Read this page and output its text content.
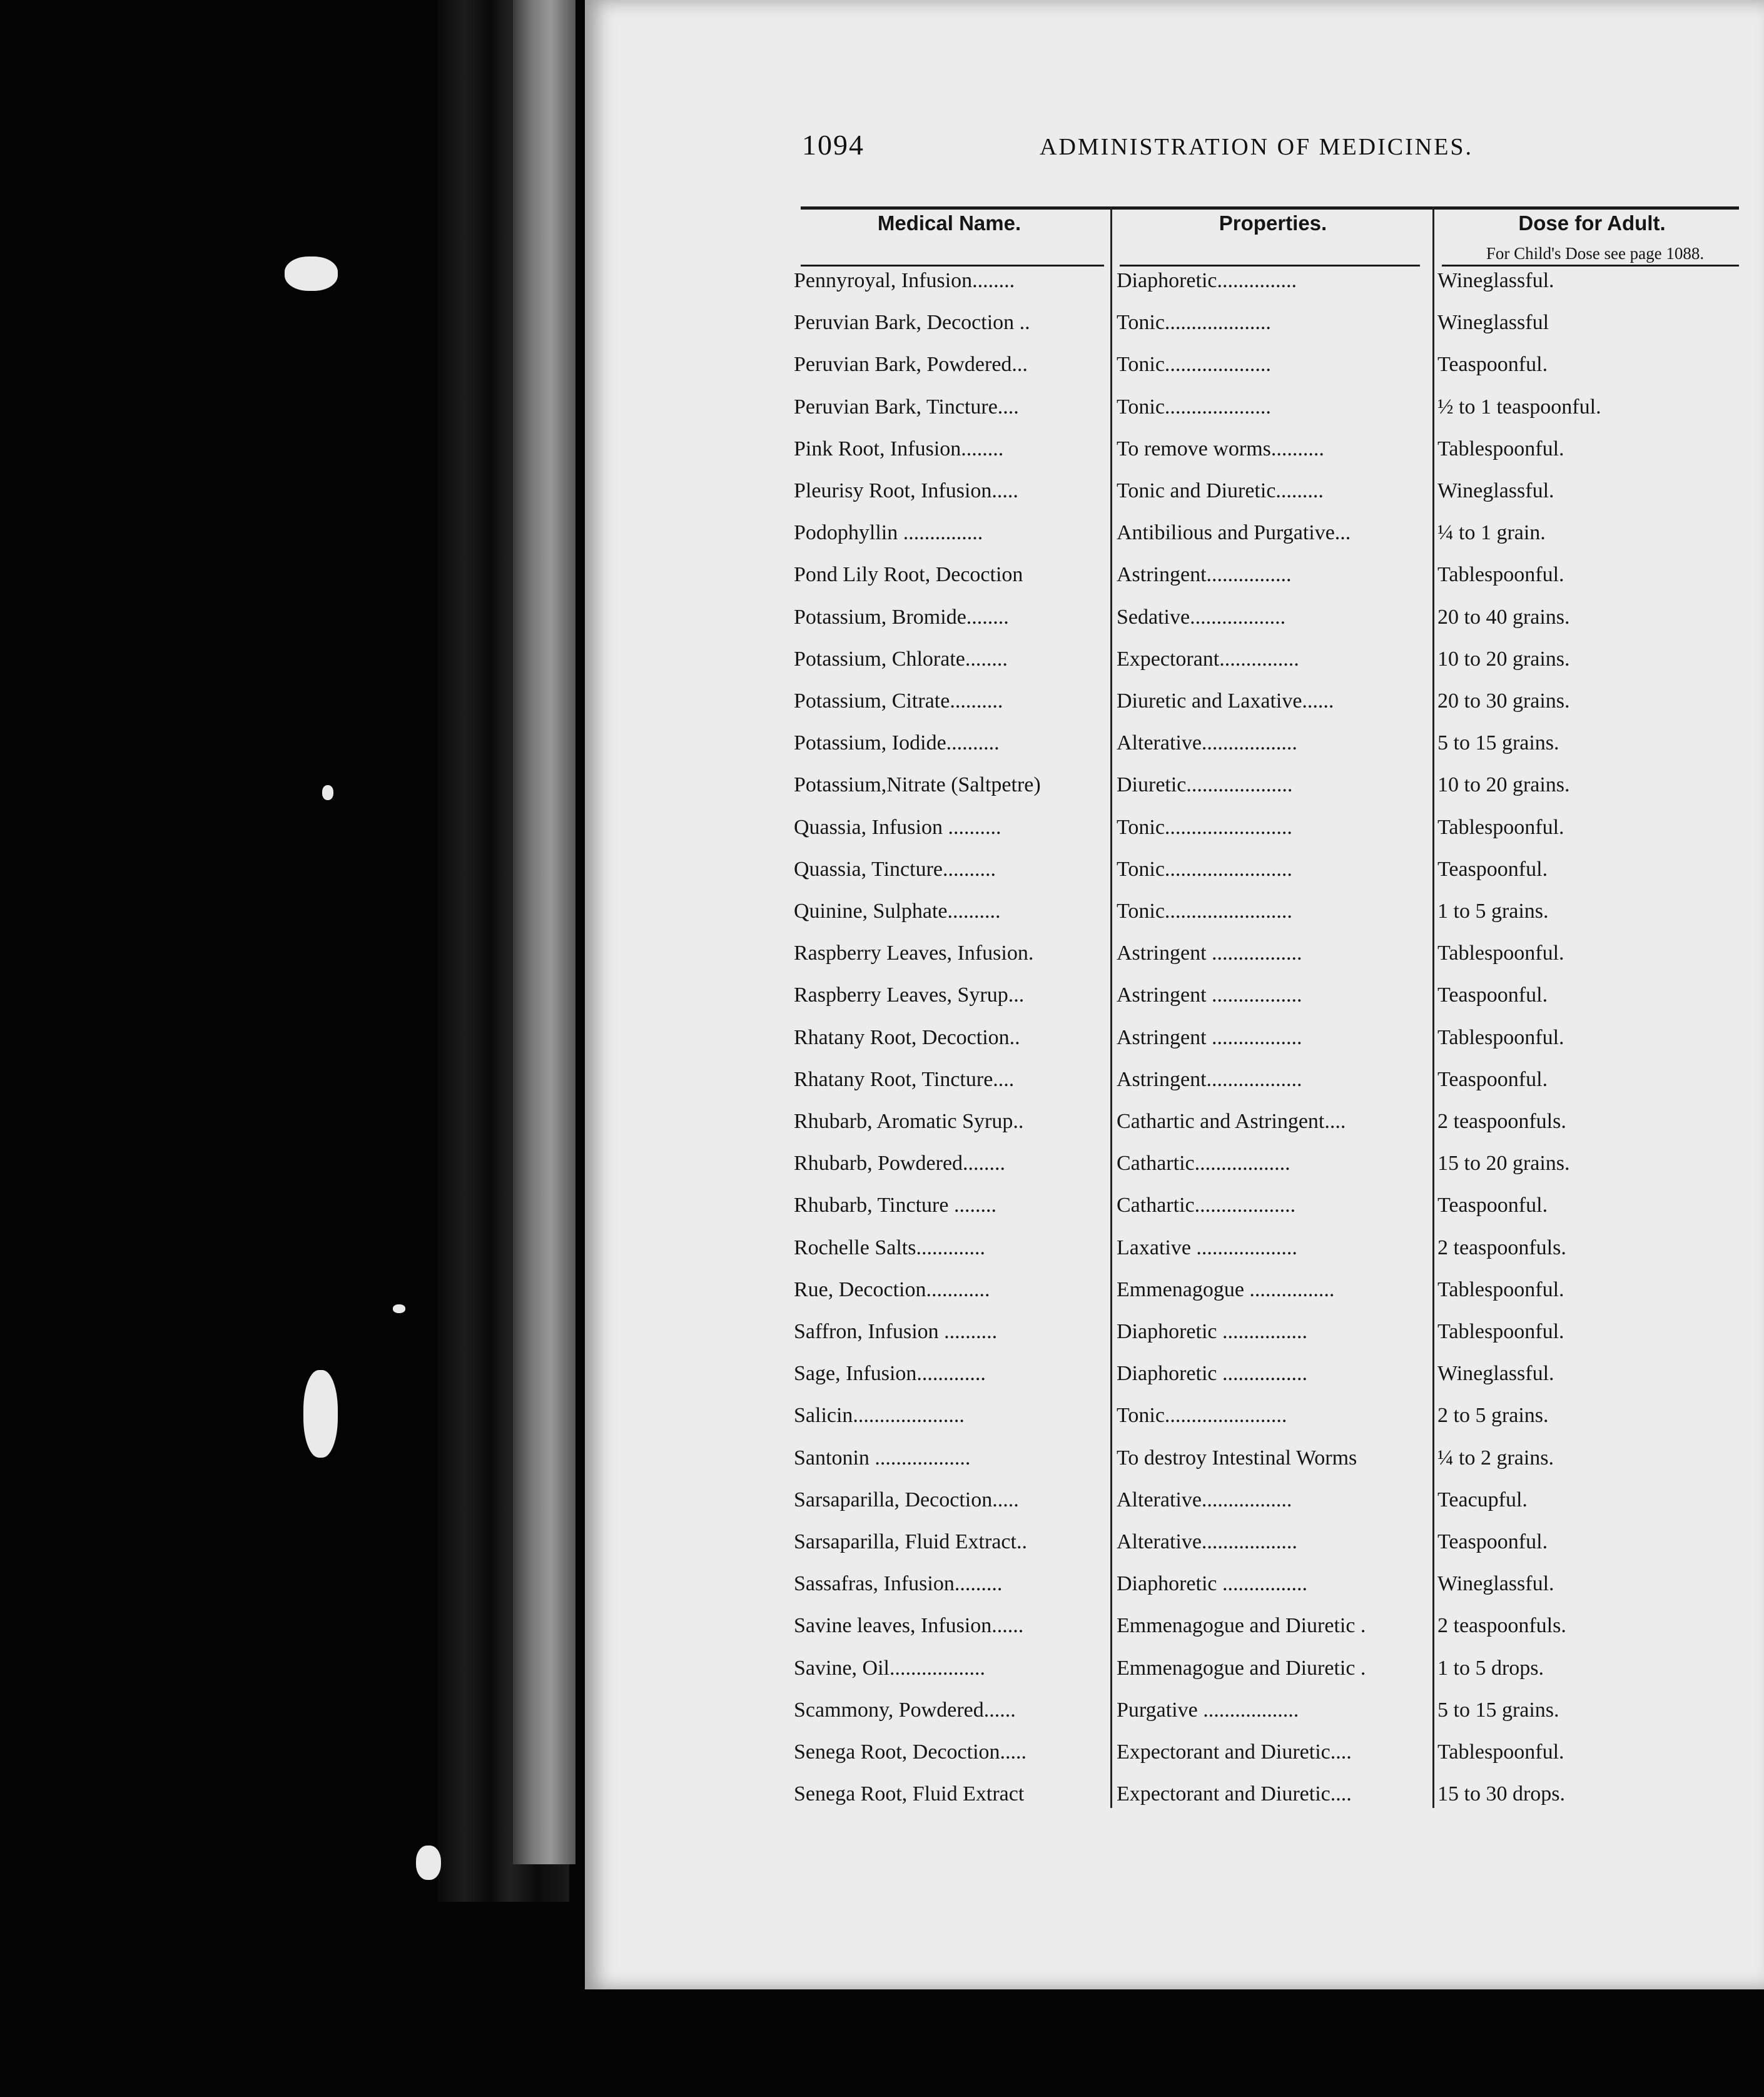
1094	ADMINISTRATION OF MEDICINES.
Medical Name.	Properties.	Dose for Adult.
For Child's Dose see page 1088.
Pennyroyal, Infusion........	Diaphoretic...............	Wineglassful.
Peruvian Bark, Decoction ..	Tonic....................	Wineglassful
Peruvian Bark, Powdered...	Tonic....................	Teaspoonful.
Peruvian Bark, Tincture....	Tonic....................	½ to 1 teaspoonful.
Pink Root, Infusion........	To remove worms..........	Tablespoonful.
Pleurisy Root, Infusion.....	Tonic and Diuretic.........	Wineglassful.
Podophyllin ...............	Antibilious and Purgative...	¼ to 1 grain.
Pond Lily Root, Decoction	Astringent................	Tablespoonful.
Potassium, Bromide........	Sedative..................	20 to 40 grains.
Potassium, Chlorate........	Expectorant...............	10 to 20 grains.
Potassium, Citrate..........	Diuretic and Laxative......	20 to 30 grains.
Potassium, Iodide..........	Alterative..................	5 to 15 grains.
Potassium,Nitrate (Saltpetre)	Diuretic....................	10 to 20 grains.
Quassia, Infusion ..........	Tonic........................	Tablespoonful.
Quassia, Tincture..........	Tonic........................	Teaspoonful.
Quinine, Sulphate..........	Tonic........................	1 to 5 grains.
Raspberry Leaves, Infusion.	Astringent .................	Tablespoonful.
Raspberry Leaves, Syrup...	Astringent .................	Teaspoonful.
Rhatany Root, Decoction..	Astringent .................	Tablespoonful.
Rhatany Root, Tincture....	Astringent..................	Teaspoonful.
Rhubarb, Aromatic Syrup..	Cathartic and Astringent....	2 teaspoonfuls.
Rhubarb, Powdered........	Cathartic..................	15 to 20 grains.
Rhubarb, Tincture ........	Cathartic...................	Teaspoonful.
Rochelle Salts.............	Laxative ...................	2 teaspoonfuls.
Rue, Decoction............	Emmenagogue ................	Tablespoonful.
Saffron, Infusion ..........	Diaphoretic ................	Tablespoonful.
Sage, Infusion.............	Diaphoretic ................	Wineglassful.
Salicin.....................	Tonic.......................	2 to 5 grains.
Santonin ..................	To destroy Intestinal Worms	¼ to 2 grains.
Sarsaparilla, Decoction.....	Alterative.................	Teacupful.
Sarsaparilla, Fluid Extract..	Alterative..................	Teaspoonful.
Sassafras, Infusion.........	Diaphoretic ................	Wineglassful.
Savine leaves, Infusion......	Emmenagogue and Diuretic .	2 teaspoonfuls.
Savine, Oil..................	Emmenagogue and Diuretic .	1 to 5 drops.
Scammony, Powdered......	Purgative ..................	5 to 15 grains.
Senega Root, Decoction.....	Expectorant and Diuretic....	Tablespoonful.
Senega Root, Fluid Extract	Expectorant and Diuretic....	15 to 30 drops.
